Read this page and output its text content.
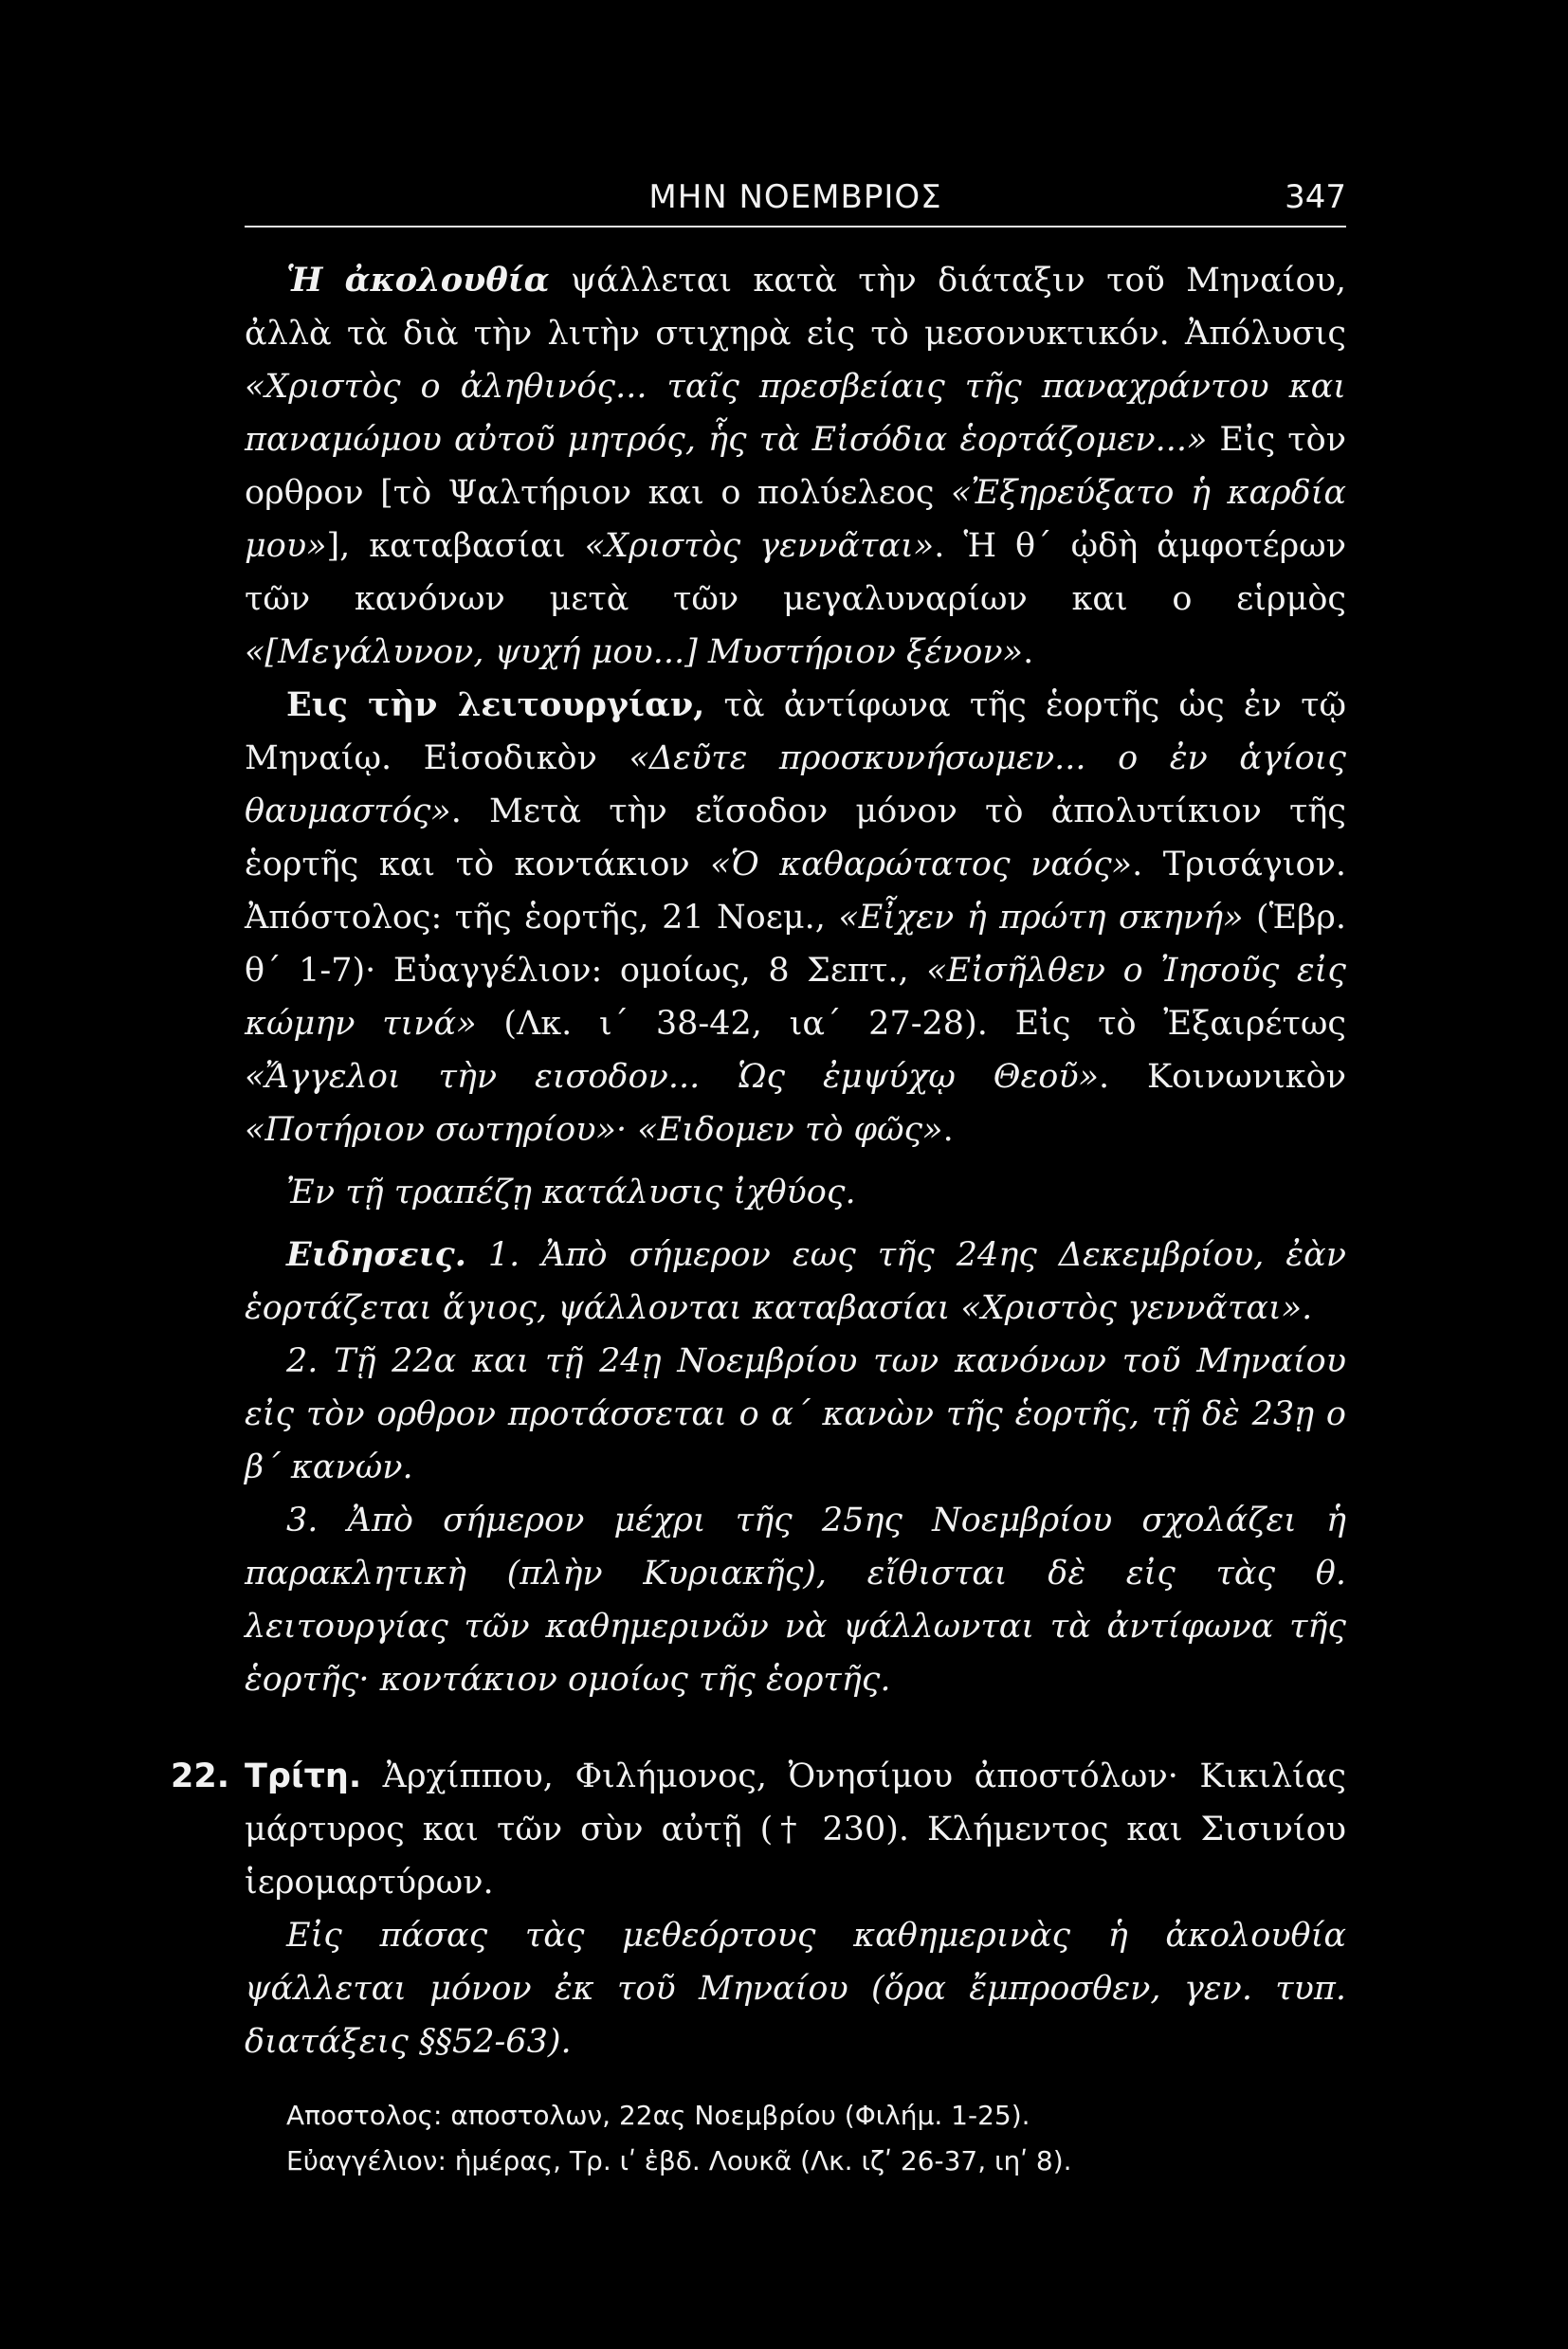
ΜΗΝ ΝΟΕΜΒΡΙΟΣ	347

Ἡ ἀκολουθία ψάλλεται κατὰ τὴν διάταξιν τοῦ Μηναίου, ἀλλὰ τὰ διὰ τὴν λιτὴν στιχηρὰ εἰς τὸ μεσονυκτικόν. Ἀπόλυσις «Χριστὸς ο ἀληθινός... ταῖς πρεσβείαις τῆς παναχράντου και παναμώμου αὐτοῦ μητρός, ἧς τὰ Εἰσόδια ἑορτάζομεν...» Εἰς τὸν ορθρον [τὸ Ψαλτήριον και ο πολύελεος «Ἐξηρεύξατο ἡ καρδία μου»], καταβασίαι «Χριστὸς γεννᾶται». Ἡ θ΄ ᾠδὴ ἀμφοτέρων τῶν κανόνων μετὰ τῶν μεγαλυναρίων και ο εἱρμὸς «[Μεγάλυνον, ψυχή μου...] Μυστήριον ξένον».

Εις τὴν λειτουργίαν, τὰ ἀντίφωνα τῆς ἑορτῆς ὡς ἐν τῷ Μηναίῳ. Εἰσοδικὸν «Δεῦτε προσκυνήσωμεν... ο ἐν ἁγίοις θαυμαστός». Μετὰ τὴν εἴσοδον μόνον τὸ ἀπολυτίκιον τῆς ἑορτῆς και τὸ κοντάκιον «Ὁ καθαρώτατος ναός». Τρισάγιον. Ἀπόστολος: τῆς ἑορτῆς, 21 Νοεμ., «Εἶχεν ἡ πρώτη σκηνή» (Ἑβρ. θ΄ 1-7)· Εὐαγγέλιον: ομοίως, 8 Σεπτ., «Εἰσῆλθεν ο Ἰησοῦς εἰς κώμην τινά» (Λκ. ι΄ 38-42, ια΄ 27-28). Εἰς τὸ Ἐξαιρέτως «Ἄγγελοι τὴν εισοδον... Ὡς ἐμψύχῳ Θεοῦ». Κοινωνικὸν «Ποτήριον σωτηρίου»· «Ειδομεν τὸ φῶς».

Ἐν τῇ τραπέζῃ κατάλυσις ἰχθύος.

Ειδησεις. 1. Ἀπὸ σήμερον εως τῆς 24ης Δεκεμβρίου, ἐὰν ἑορτάζεται ἅγιος, ψάλλονται καταβασίαι «Χριστὸς γεννᾶται».

2. Τῇ 22α και τῇ 24ῃ Νοεμβρίου των κανόνων τοῦ Μηναίου εἰς τὸν ορθρον προτάσσεται ο α΄ κανὼν τῆς ἑορτῆς, τῇ δὲ 23ῃ ο β΄ κανών.

3. Ἀπὸ σήμερον μέχρι τῆς 25ης Νοεμβρίου σχολάζει ἡ παρακλητικὴ (πλὴν Κυριακῆς), εἴθισται δὲ εἰς τὰς θ. λειτουργίας τῶν καθημερινῶν νὰ ψάλλωνται τὰ ἀντίφωνα τῆς ἑορτῆς· κοντάκιον ομοίως τῆς ἑορτῆς.

22. Τρίτη. Ἀρχίππου, Φιλήμονος, Ὀνησίμου ἀποστόλων· Κικιλίας μάρτυρος και τῶν σὺν αὐτῇ († 230). Κλήμεντος και Σισινίου ἱερομαρτύρων.

Εἰς πάσας τὰς μεθεόρτους καθημερινὰς ἡ ἀκολουθία ψάλλεται μόνον ἐκ τοῦ Μηναίου (ὅρα ἔμπροσθεν, γεν. τυπ. διατάξεις §§52-63).

Αποστολος: αποστολων, 22ας Νοεμβρίου (Φιλήμ. 1-25).
Εὐαγγέλιον: ἡμέρας, Τρ. ιʹ ἑβδ. Λουκᾶ (Λκ. ιζʹ 26-37, ιηʹ 8).
